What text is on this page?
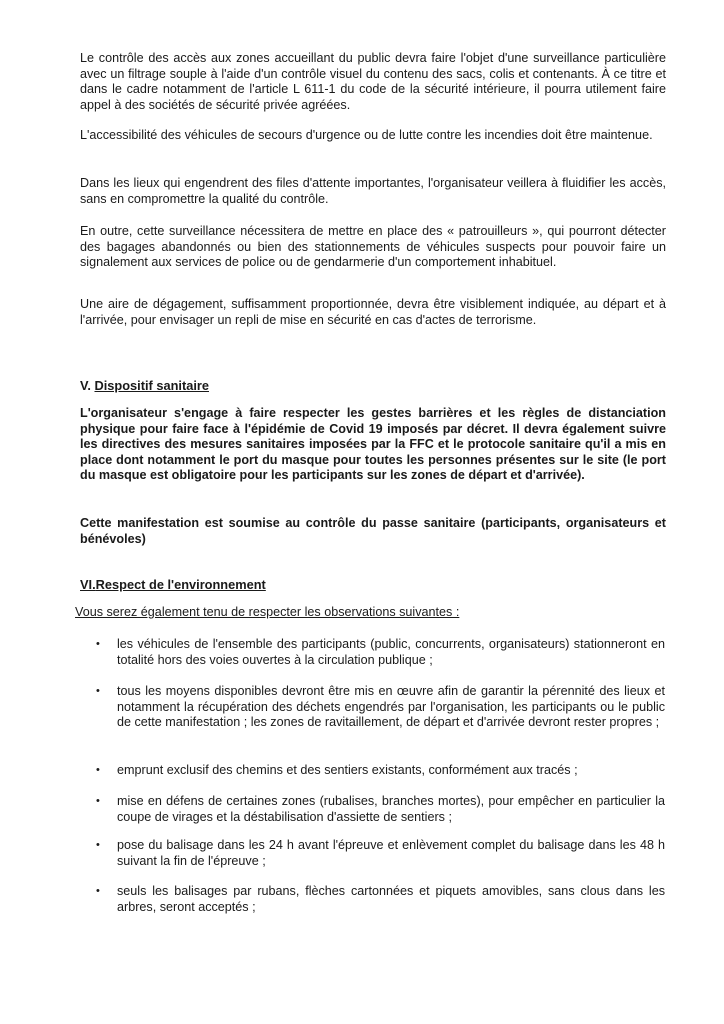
Le contrôle des accès aux zones accueillant du public devra faire l'objet d'une surveillance particulière avec un filtrage souple à l'aide d'un contrôle visuel du contenu des sacs, colis et contenants. À ce titre et dans le cadre notamment de l'article L 611-1 du code de la sécurité intérieure, il pourra utilement faire appel à des sociétés de sécurité privée agréées.

L'accessibilité des véhicules de secours d'urgence ou de lutte contre les incendies doit être maintenue.

Dans les lieux qui engendrent des files d'attente importantes, l'organisateur veillera à fluidifier les accès, sans en compromettre la qualité du contrôle.

En outre, cette surveillance nécessitera de mettre en place des « patrouilleurs », qui pourront détecter des bagages abandonnés ou bien des stationnements de véhicules suspects pour pouvoir faire un signalement aux services de police ou de gendarmerie d'un comportement inhabituel.

Une aire de dégagement, suffisamment proportionnée, devra être visiblement indiquée, au départ et à l'arrivée, pour envisager un repli de mise en sécurité en cas d'actes de terrorisme.

V. Dispositif sanitaire

L'organisateur s'engage à faire respecter les gestes barrières et les règles de distanciation physique pour faire face à l'épidémie de Covid 19 imposés par décret. Il devra également suivre les directives des mesures sanitaires imposées par la FFC et le protocole sanitaire qu'il a mis en place dont notamment le port du masque pour toutes les personnes présentes sur le site (le port du masque est obligatoire pour les participants sur les zones de départ et d'arrivée).

Cette manifestation est soumise au contrôle du passe sanitaire (participants, organisateurs et bénévoles)

VI.Respect de l'environnement
Vous serez également tenu de respecter les observations suivantes :
•	les véhicules de l'ensemble des participants (public, concurrents, organisateurs) stationneront en totalité hors des voies ouvertes à la circulation publique ;
•	tous les moyens disponibles devront être mis en œuvre afin de garantir la pérennité des lieux et notamment la récupération des déchets engendrés par l'organisation, les participants ou le public de cette manifestation ; les zones de ravitaillement, de départ et d'arrivée devront rester propres ;
•	emprunt exclusif des chemins et des sentiers existants, conformément aux tracés ;
•	mise en défens de certaines zones (rubalises, branches mortes), pour empêcher en particulier la coupe de virages et la déstabilisation d'assiette de sentiers ;
•	pose du balisage dans les 24 h avant l'épreuve et enlèvement complet du balisage dans les 48 h suivant la fin de l'épreuve ;
•	seuls les balisages par rubans, flèches cartonnées et piquets amovibles, sans clous dans les arbres, seront acceptés ;
